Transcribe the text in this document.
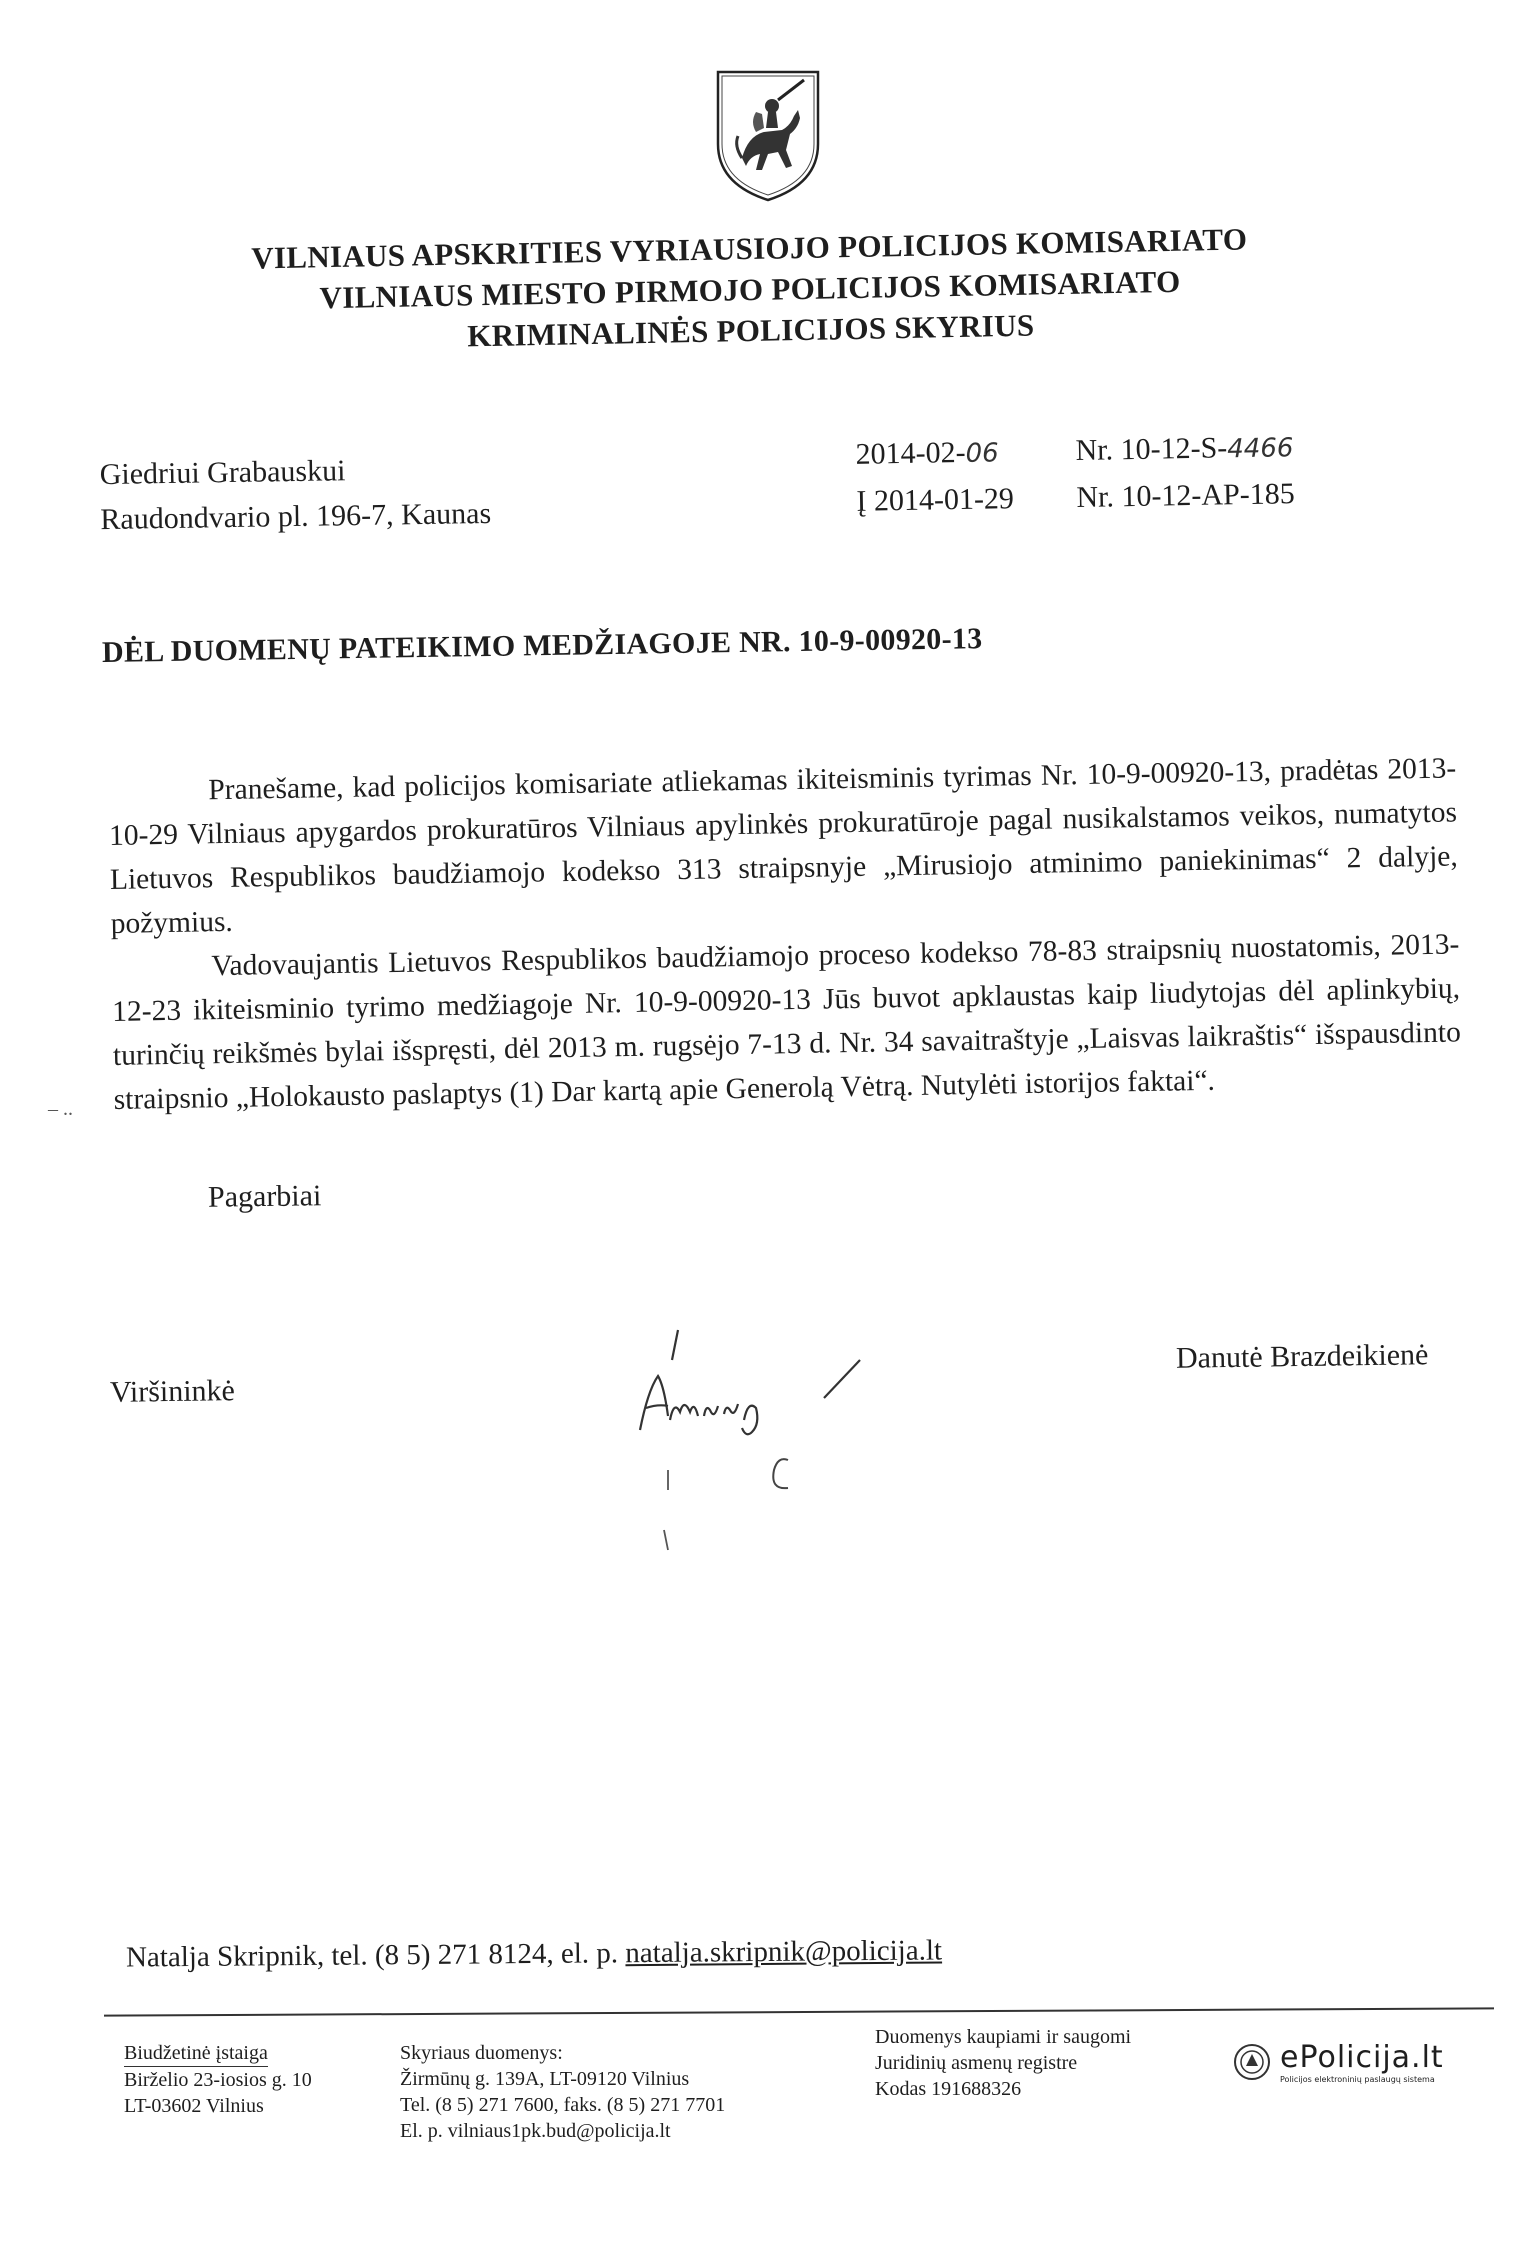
VILNIAUS APSKRITIES VYRIAUSIOJO POLICIJOS KOMISARIATO
VILNIAUS MIESTO PIRMOJO POLICIJOS KOMISARIATO
KRIMINALINĖS POLICIJOS SKYRIUS
Giedriui Grabauskui
Raudondvario pl. 196-7, Kaunas
2014-02-06	Nr. 10-12-S-4466
Į 2014-01-29 Nr. 10-12-AP-185
DĖL DUOMENŲ PATEIKIMO MEDŽIAGOJE NR. 10-9-00920-13

Pranešame, kad policijos komisariate atliekamas ikiteisminis tyrimas Nr. 10-9-00920-13, pradėtas 2013-10-29 Vilniaus apygardos prokuratūros Vilniaus apylinkės prokuratūroje pagal nusikalstamos veikos, numatytos Lietuvos Respublikos baudžiamojo kodekso 313 straipsnyje „Mirusiojo atminimo paniekinimas“ 2 dalyje, požymius.

Vadovaujantis Lietuvos Respublikos baudžiamojo proceso kodekso 78-83 straipsnių nuostatomis, 2013-12-23 ikiteisminio tyrimo medžiagoje Nr. 10-9-00920-13 Jūs buvot apklaustas kaip liudytojas dėl aplinkybių, turinčių reikšmės bylai išspręsti, dėl 2013 m. rugsėjo 7-13 d. Nr. 34 savaitraštyje „Laisvas laikraštis“ išspausdinto straipsnio „Holokausto paslaptys (1) Dar kartą apie Generolą Vėtrą. Nutylėti istorijos faktai“.

– ..
Pagarbiai
Viršininkė
Danutė Brazdeikienė
Natalja Skripnik, tel. (8 5) 271 8124, el. p. natalja.skripnik@policija.lt
Biudžetinė įstaiga
Birželio 23-iosios g. 10
LT-03602 Vilnius
Skyriaus duomenys:
Žirmūnų g. 139A, LT-09120 Vilnius
Tel. (8 5) 271 7600, faks. (8 5) 271 7701
El. p. vilniaus1pk.bud@policija.lt
Duomenys kaupiami ir saugomi
Juridinių asmenų registre
Kodas 191688326

ePolicija.lt
Policijos elektroninių paslaugų sistema
